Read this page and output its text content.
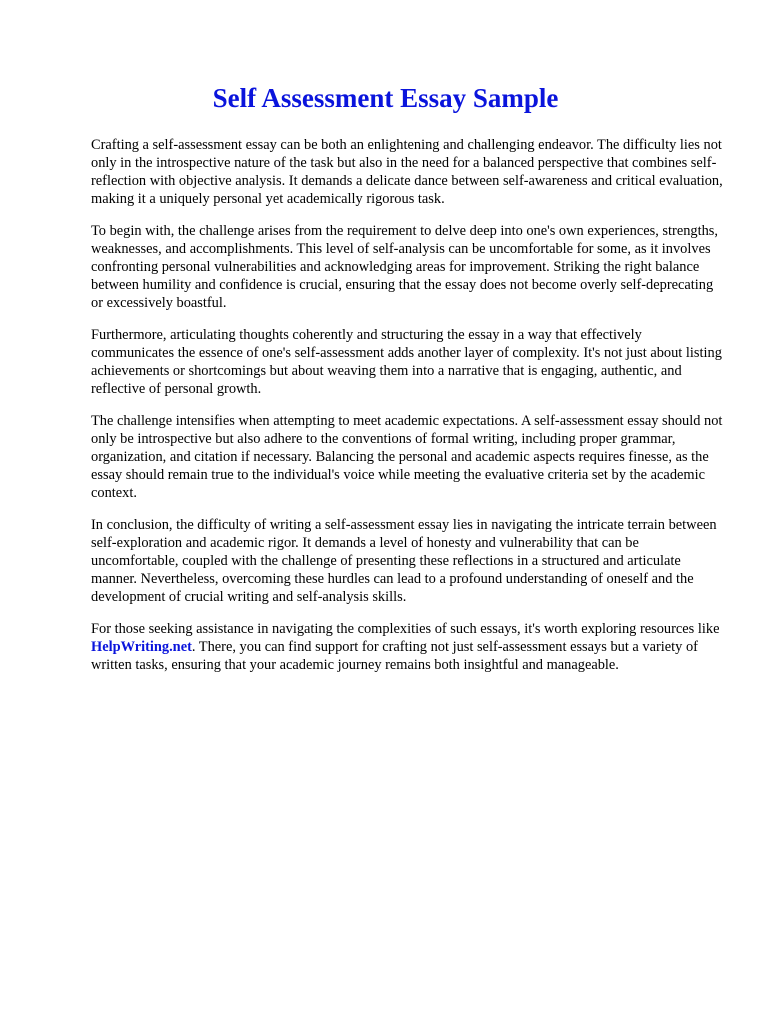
Self Assessment Essay Sample

Crafting a self-assessment essay can be both an enlightening and challenging endeavor. The difficulty lies not only in the introspective nature of the task but also in the need for a balanced perspective that combines self-reflection with objective analysis. It demands a delicate dance between self-awareness and critical evaluation, making it a uniquely personal yet academically rigorous task.

To begin with, the challenge arises from the requirement to delve deep into one's own experiences, strengths, weaknesses, and accomplishments. This level of self-analysis can be uncomfortable for some, as it involves confronting personal vulnerabilities and acknowledging areas for improvement. Striking the right balance between humility and confidence is crucial, ensuring that the essay does not become overly self-deprecating or excessively boastful.

Furthermore, articulating thoughts coherently and structuring the essay in a way that effectively communicates the essence of one's self-assessment adds another layer of complexity. It's not just about listing achievements or shortcomings but about weaving them into a narrative that is engaging, authentic, and reflective of personal growth.

The challenge intensifies when attempting to meet academic expectations. A self-assessment essay should not only be introspective but also adhere to the conventions of formal writing, including proper grammar, organization, and citation if necessary. Balancing the personal and academic aspects requires finesse, as the essay should remain true to the individual's voice while meeting the evaluative criteria set by the academic context.

In conclusion, the difficulty of writing a self-assessment essay lies in navigating the intricate terrain between self-exploration and academic rigor. It demands a level of honesty and vulnerability that can be uncomfortable, coupled with the challenge of presenting these reflections in a structured and articulate manner. Nevertheless, overcoming these hurdles can lead to a profound understanding of oneself and the development of crucial writing and self-analysis skills.

For those seeking assistance in navigating the complexities of such essays, it's worth exploring resources like HelpWriting.net. There, you can find support for crafting not just self-assessment essays but a variety of written tasks, ensuring that your academic journey remains both insightful and manageable.
